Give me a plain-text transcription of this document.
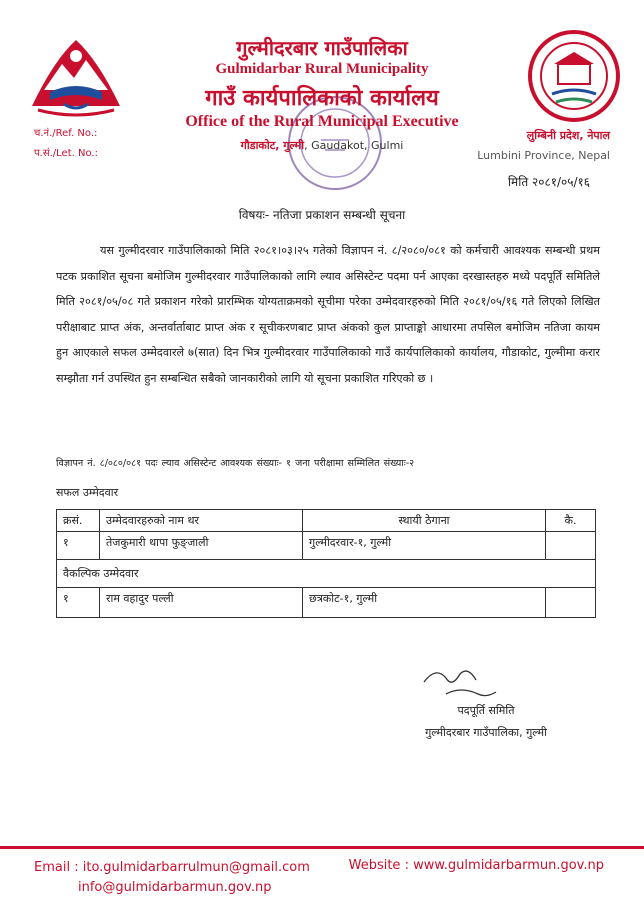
गुल्मीदरबार गाउँपालिका
Gulmidarbar Rural Municipality
गाउँ कार्यपालिकाको कार्यालय
Office of the Rural Municipal Executive
गौडाकोट, गुल्मी, Gaudakot, Gulmi
च.नं./Ref. No.:
प.सं./Let. No.:
लुम्बिनी प्रदेश, नेपाल
Lumbini Province, Nepal
मिति २०८१/०५/१६
विषयः- नतिजा प्रकाशन सम्बन्धी सूचना
यस गुल्मीदरवार गाउँपालिकाको मिति २०८१।०३।२५ गतेको विज्ञापन नं. ८/२०८०/०८१ को कर्मचारी आवश्यक सम्बन्धी प्रथम पटक प्रकाशित सूचना बमोजिम गुल्मीदरवार गाउँपालिकाको लागि ल्याव असिस्टेन्ट पदमा पर्न आएका दरखास्तहरु मध्ये पदपूर्ति समितिले मिति २०८१/०५/०८ गते प्रकाशन गरेको प्रारम्भिक योग्यताक्रमको सूचीमा परेका उम्मेदवारहरुको मिति २०८१/०५/१६ गते लिएको लिखित परीक्षाबाट प्राप्त अंक, अन्तर्वार्ताबाट प्राप्त अंक र सूचीकरणबाट प्राप्त अंकको कुल प्राप्ताङ्को आधारमा तपसिल बमोजिम नतिजा कायम हुन आएकाले सफल उम्मेदवारले ७(सात) दिन भित्र गुल्मीदरवार गाउँपालिकाको गाउँ कार्यपालिकाको कार्यालय, गौडाकोट, गुल्मीमा करार सम्झौता गर्न उपस्थित हुन सम्बन्धित सबैको जानकारीको लागि यो सूचना प्रकाशित गरिएको छ ।
विज्ञापन नं. ८/०८०/०८१ पदः ल्याव असिस्टेन्ट आवश्यक संख्याः- १ जना परीक्षामा सम्मिलित संख्याः-२
सफल उम्मेदवार
क्रसं.	उम्मेदवारहरुको नाम थर	स्थायी ठेगाना	कै.
१	तेजकुमारी थापा फुङ्जाली	गुल्मीदरवार-१, गुल्मी	
वैकल्पिक उम्मेदवार			
१	राम वहादुर पल्ली	छत्रकोट-१, गुल्मी	
पदपूर्ति समिति
गुल्मीदरबार गाउँपालिका, गुल्मी
Email : ito.gulmidarbarrulmun@gmail.com
info@gulmidarbarmun.gov.np
Website : www.gulmidarbarmun.gov.np
